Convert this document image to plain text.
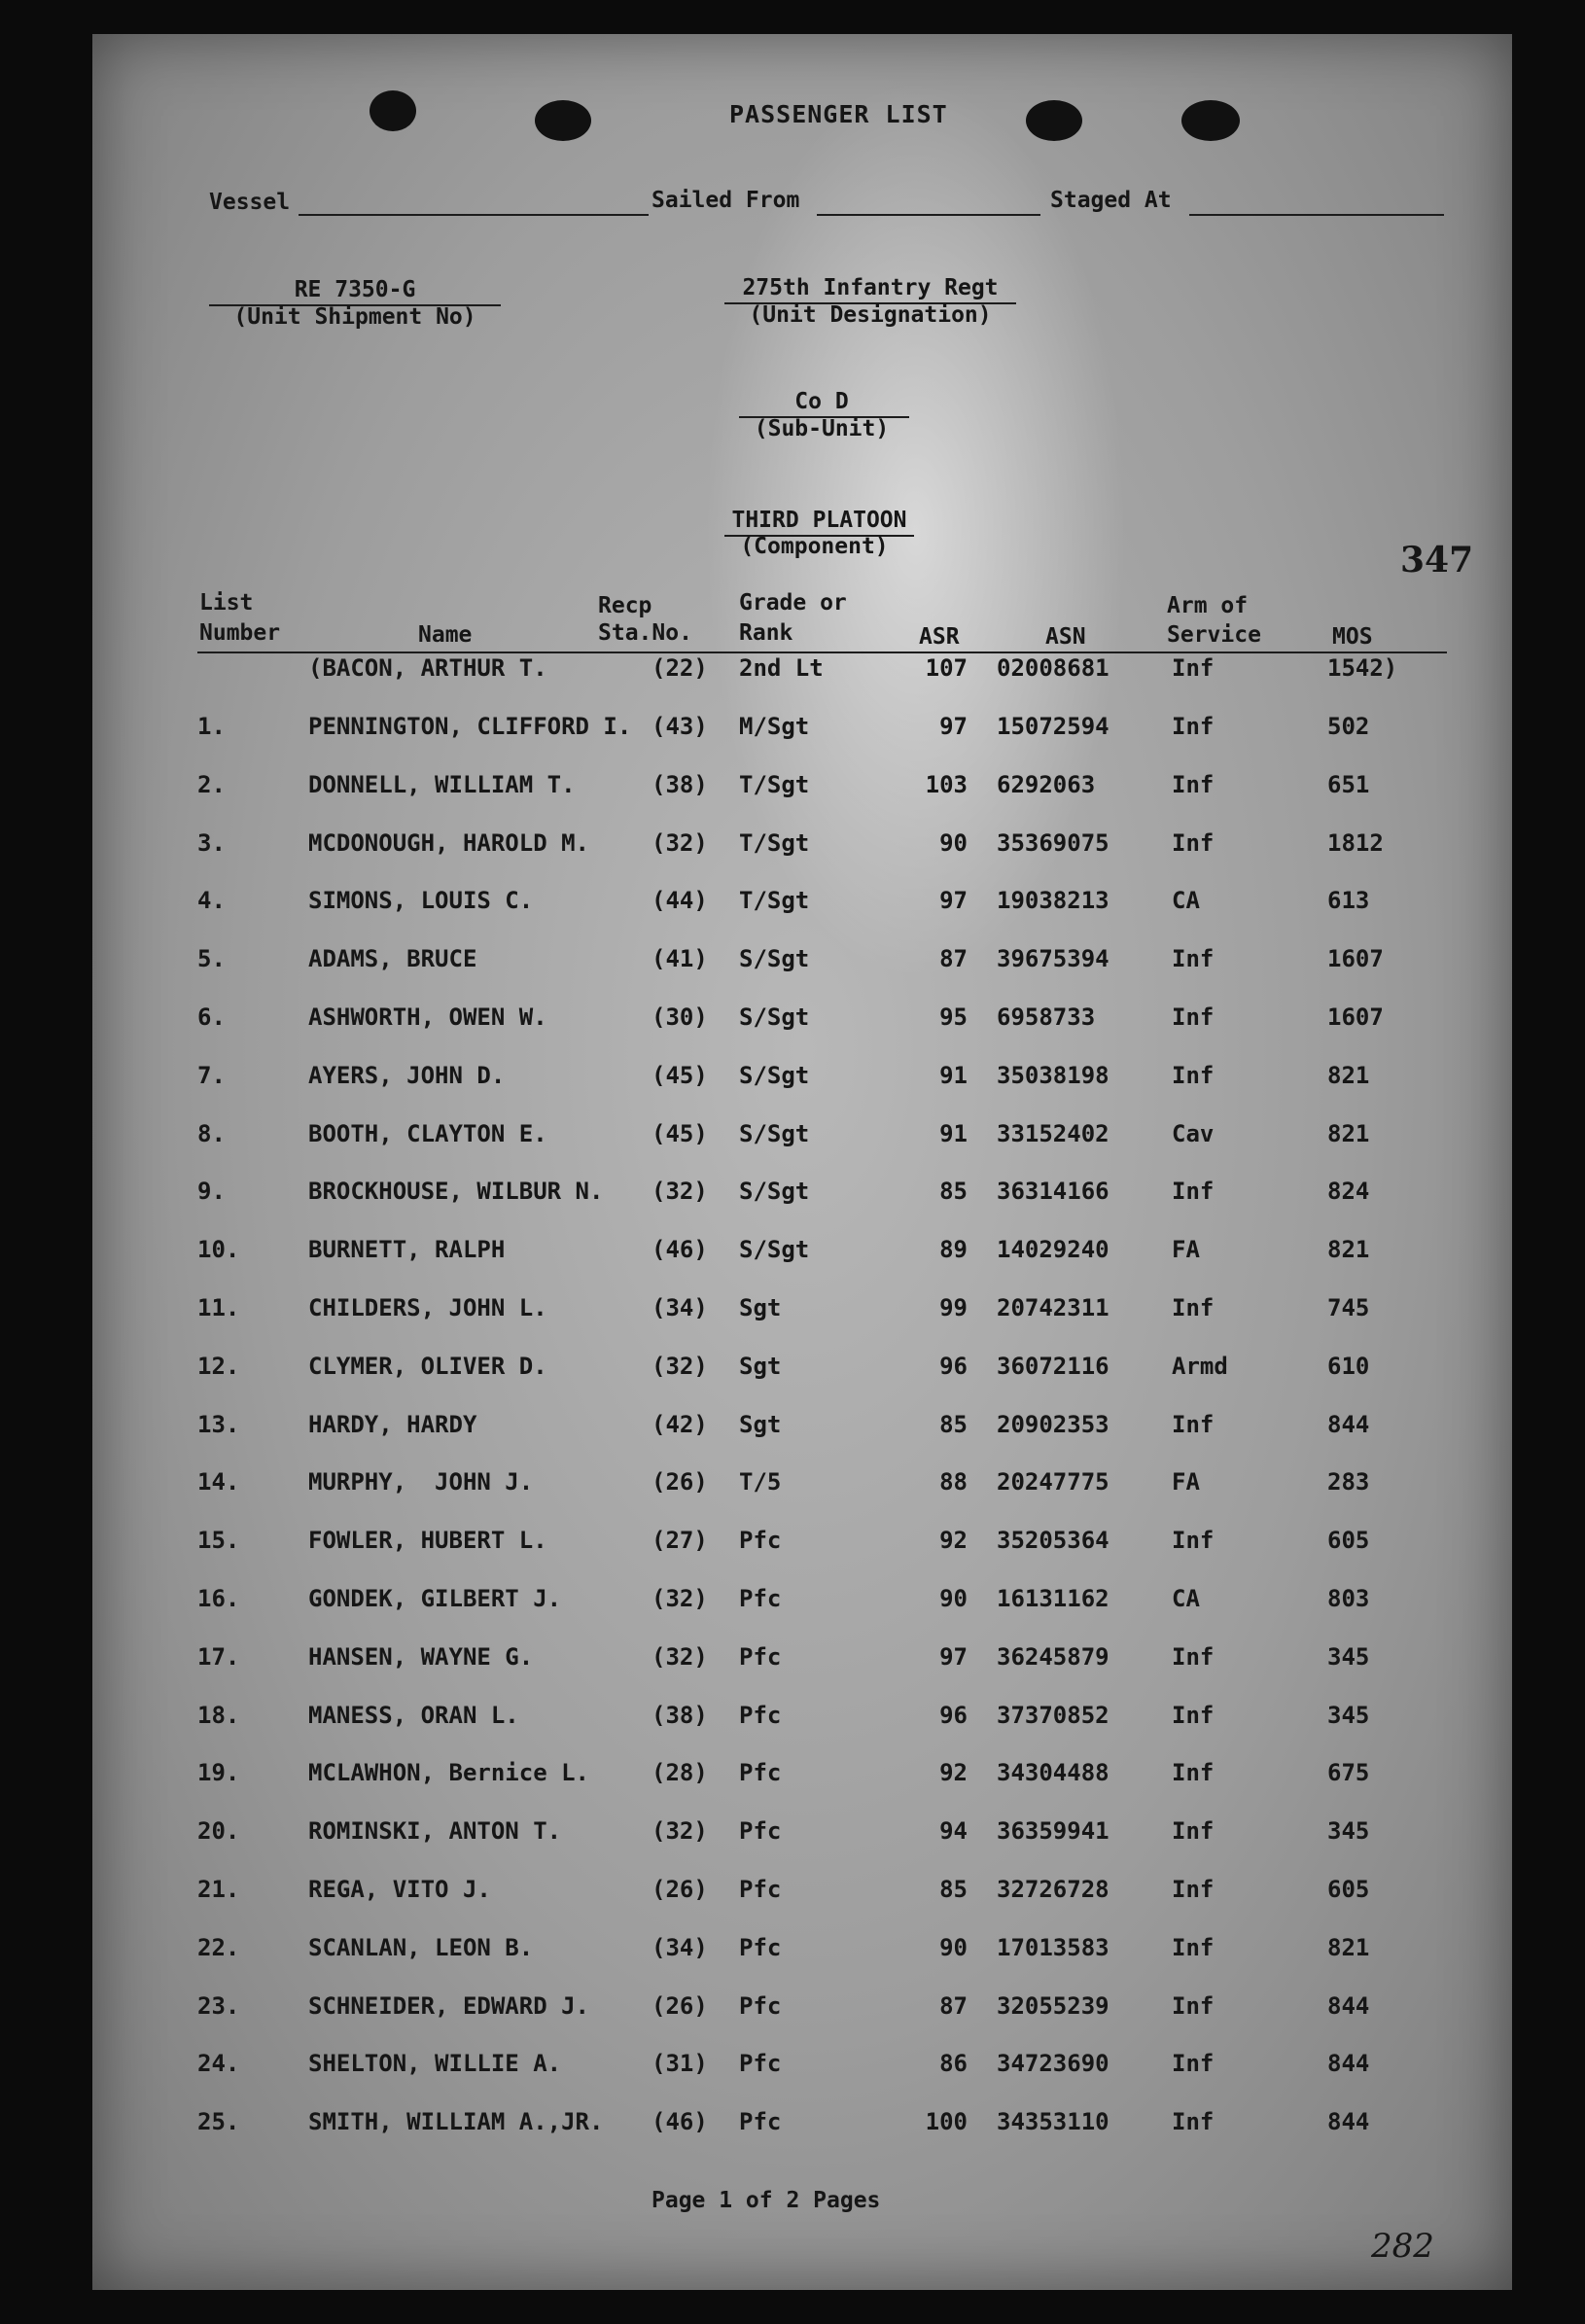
PASSENGER LIST
Vessel	Sailed From	Staged At
RE 7350-G
(Unit Shipment No)
275th Infantry Regt
(Unit Designation)
Co D
(Sub-Unit)
THIRD PLATOON
(Component)	347
List
Number	Name
Recp
Sta.No.
Grade or
Rank	ASR	ASN
Arm of
Service	MOS
(BACON, ARTHUR T.	(22) 2nd Lt	107 02008681	Inf	1542)
1.	PENNINGTON, CLIFFORD I. (43) M/Sgt	97 15072594	Inf	502
2.	DONNELL, WILLIAM T.	(38) T/Sgt	103 6292063	Inf	651
3.	MCDONOUGH, HAROLD M.	(32) T/Sgt	90 35369075	Inf	1812
4.	SIMONS, LOUIS C.	(44) T/Sgt	97 19038213	CA	613
5.	ADAMS, BRUCE	(41) S/Sgt	87 39675394	Inf	1607
6.	ASHWORTH, OWEN W.	(30) S/Sgt	95 6958733	Inf	1607
7.	AYERS, JOHN D.	(45) S/Sgt	91 35038198	Inf	821
8.	BOOTH, CLAYTON E.	(45) S/Sgt	91 33152402	Cav	821
9.	BROCKHOUSE, WILBUR N. (32) S/Sgt	85 36314166	Inf	824
10.	BURNETT, RALPH	(46) S/Sgt	89 14029240	FA	821
11.	CHILDERS, JOHN L.	(34) Sgt	99 20742311	Inf	745
12.	CLYMER, OLIVER D.	(32) Sgt	96 36072116	Armd	610
13.	HARDY, HARDY	(42) Sgt	85 20902353	Inf	844
14.	MURPHY,  JOHN J.	(26) T/5	88 20247775	FA	283
15.	FOWLER, HUBERT L.	(27) Pfc	92 35205364	Inf	605
16.	GONDEK, GILBERT J.	(32) Pfc	90 16131162	CA	803
17.	HANSEN, WAYNE G.	(32) Pfc	97 36245879	Inf	345
18.	MANESS, ORAN L.	(38) Pfc	96 37370852	Inf	345
19.	MCLAWHON, Bernice L.	(28) Pfc	92 34304488	Inf	675
20.	ROMINSKI, ANTON T.	(32) Pfc	94 36359941	Inf	345
21.	REGA, VITO J.	(26) Pfc	85 32726728	Inf	605
22.	SCANLAN, LEON B.	(34) Pfc	90 17013583	Inf	821
23.	SCHNEIDER, EDWARD J.	(26) Pfc	87 32055239	Inf	844
24.	SHELTON, WILLIE A.	(31) Pfc	86 34723690	Inf	844
25.	SMITH, WILLIAM A.,JR. (46) Pfc	100 34353110	Inf	844
Page 1 of 2 Pages
282
